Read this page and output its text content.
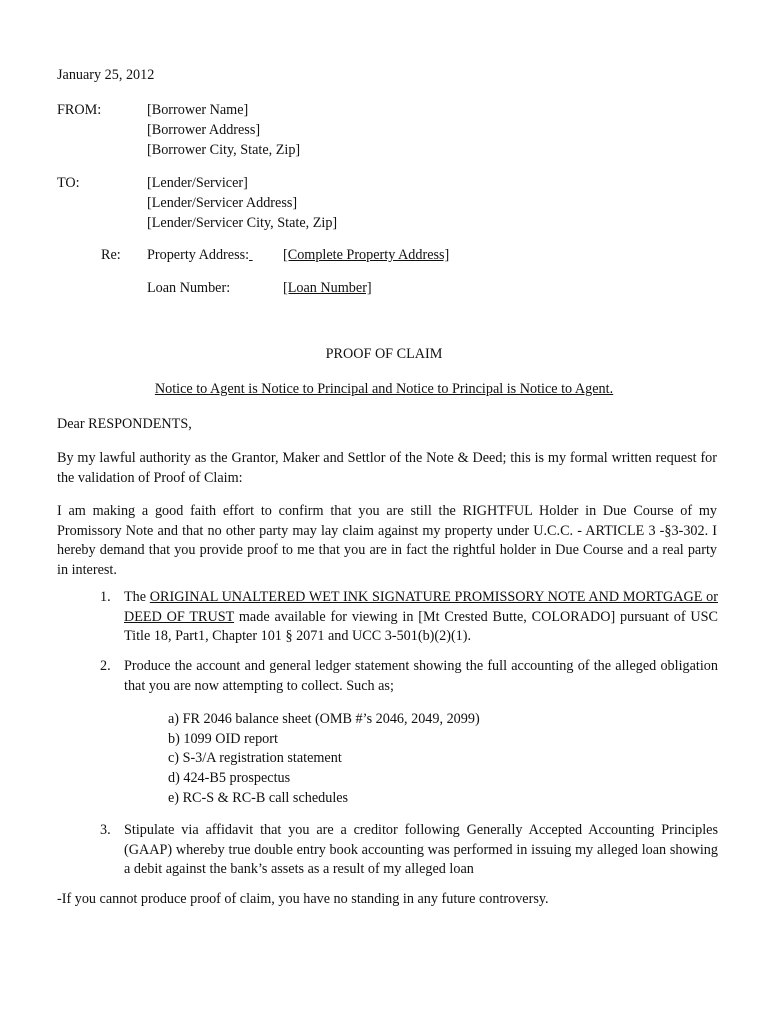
January 25, 2012
FROM:	[Borrower Name]
[Borrower Address]
[Borrower City, State, Zip]
TO:	[Lender/Servicer]
[Lender/Servicer Address]
[Lender/Servicer City, State, Zip]
Re: Property Address: [Complete Property Address]
Loan Number:	[Loan Number]
PROOF OF CLAIM
Notice to Agent is Notice to Principal and Notice to Principal is Notice to Agent.
Dear RESPONDENTS,
By my lawful authority as the Grantor, Maker and Settlor of the Note & Deed; this is my formal written request for the validation of Proof of Claim:
I am making a good faith effort to confirm that you are still the RIGHTFUL Holder in Due Course of my Promissory Note and that no other party may lay claim against my property under U.C.C. - ARTICLE 3 -§3-302. I hereby demand that you provide proof to me that you are in fact the rightful holder in Due Course and a real party in interest.
1. The ORIGINAL UNALTERED WET INK SIGNATURE PROMISSORY NOTE AND MORTGAGE or DEED OF TRUST made available for viewing in [Mt Crested Butte, COLORADO] pursuant of USC Title 18, Part1, Chapter 101 § 2071 and UCC 3-501(b)(2)(1).
2. Produce the account and general ledger statement showing the full accounting of the alleged obligation that you are now attempting to collect. Such as;
a) FR 2046 balance sheet (OMB #’s 2046, 2049, 2099)
b) 1099 OID report
c) S-3/A registration statement
d) 424-B5 prospectus
e) RC-S & RC-B call schedules
3. Stipulate via affidavit that you are a creditor following Generally Accepted Accounting Principles (GAAP) whereby true double entry book accounting was performed in issuing my alleged loan showing a debit against the bank’s assets as a result of my alleged loan
-If you cannot produce proof of claim, you have no standing in any future controversy.
